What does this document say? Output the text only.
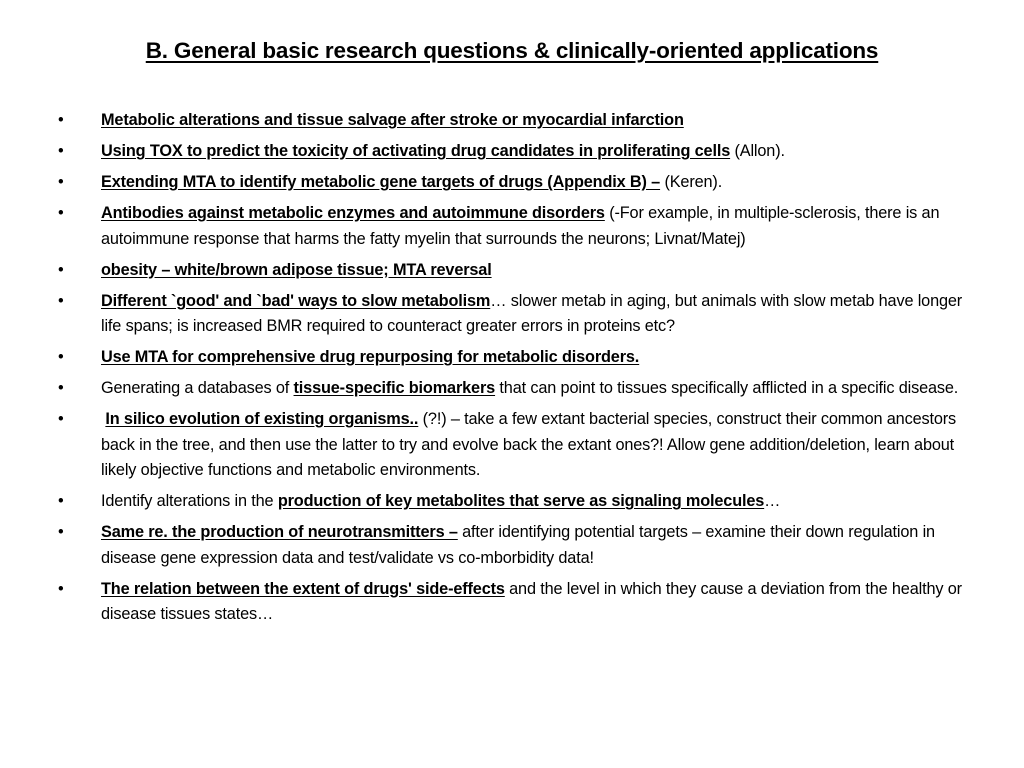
B. General basic research questions & clinically-oriented applications
•	Metabolic alterations and tissue salvage after stroke or myocardial infarction
•	Using TOX to predict the toxicity of activating drug candidates in proliferating cells (Allon).
•	Extending MTA to identify metabolic gene targets of drugs (Appendix B) – (Keren).
•	Antibodies against metabolic enzymes and autoimmune disorders (-For example, in multiple-sclerosis, there is an autoimmune response that harms the fatty myelin that surrounds the neurons; Livnat/Matej)
•	obesity – white/brown adipose tissue; MTA reversal
•	Different `good' and `bad' ways to slow metabolism… slower metab in aging, but animals with slow metab have longer life spans; is increased BMR required to counteract greater errors in proteins etc?
•	Use MTA for comprehensive drug repurposing for metabolic disorders.
•	Generating a databases of tissue-specific biomarkers that can point to tissues specifically afflicted in a specific disease.
•	In silico evolution of existing organisms.. (?!) – take a few extant bacterial species, construct their common ancestors back in the tree, and then use the latter to try and evolve back the extant ones?! Allow gene addition/deletion, learn about likely objective functions and metabolic environments.
•	Identify alterations in the production of key metabolites that serve as signaling molecules…
•	Same re. the production of neurotransmitters – after identifying potential targets – examine their down regulation in disease gene expression data and test/validate vs co-mborbidity data!
•	The relation between the extent of drugs' side-effects and the level in which they cause a deviation from the healthy or disease tissues states…
